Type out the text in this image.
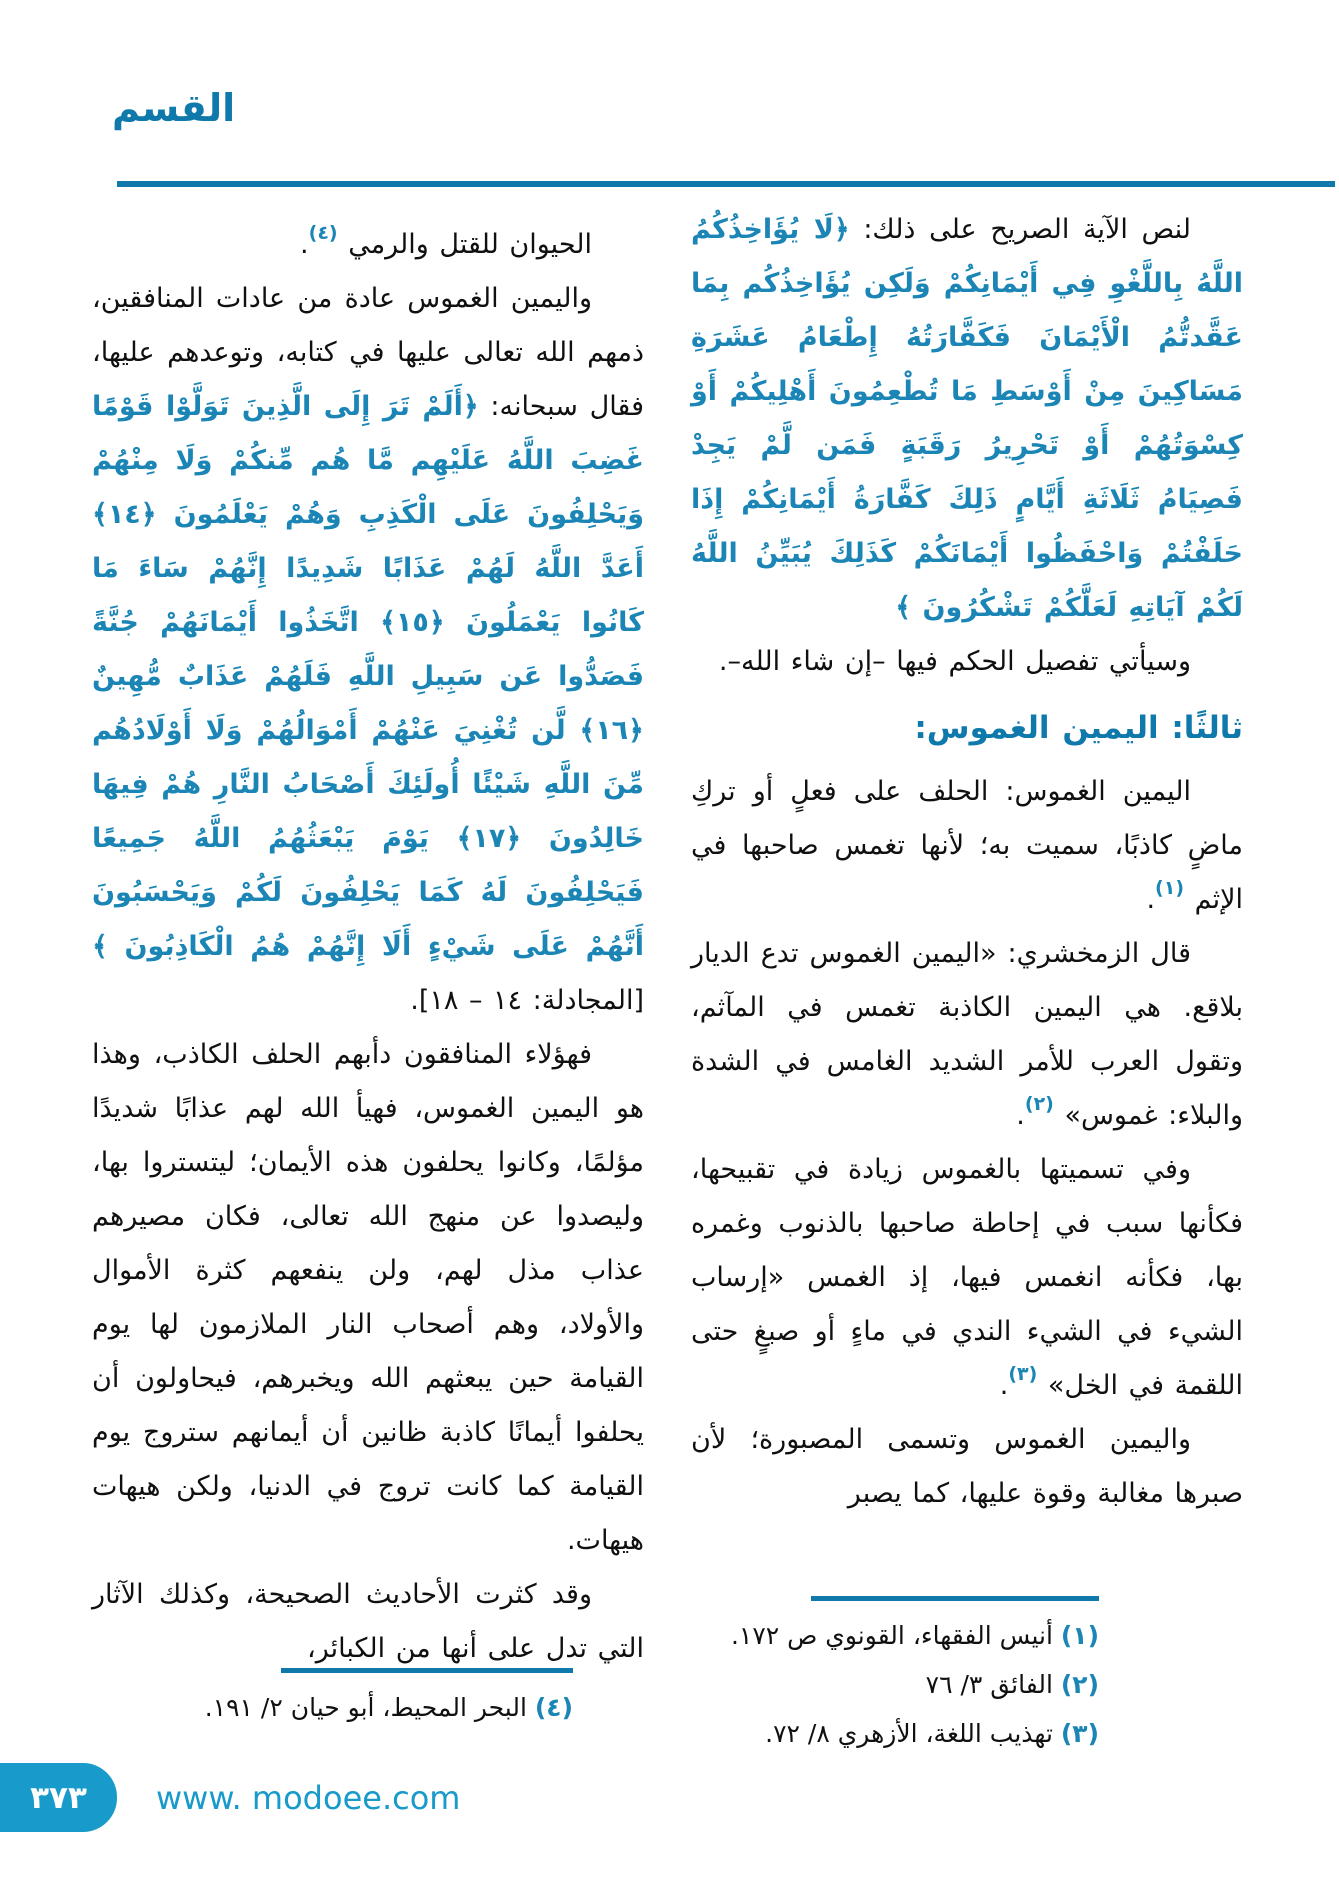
القسم

لنص الآية الصريح على ذلك: ﴿لَا يُؤَاخِذُكُمُ اللَّهُ بِاللَّغْوِ فِي أَيْمَانِكُمْ وَلَكِن يُؤَاخِذُكُم بِمَا عَقَّدتُّمُ الْأَيْمَانَ فَكَفَّارَتُهُ إِطْعَامُ عَشَرَةِ مَسَاكِينَ مِنْ أَوْسَطِ مَا تُطْعِمُونَ أَهْلِيكُمْ أَوْ كِسْوَتُهُمْ أَوْ تَحْرِيرُ رَقَبَةٍ فَمَن لَّمْ يَجِدْ فَصِيَامُ ثَلَاثَةِ أَيَّامٍ ذَلِكَ كَفَّارَةُ أَيْمَانِكُمْ إِذَا حَلَفْتُمْ وَاحْفَظُوا أَيْمَانَكُمْ كَذَلِكَ يُبَيِّنُ اللَّهُ لَكُمْ آيَاتِهِ لَعَلَّكُمْ تَشْكُرُونَ ﴾

وسيأتي تفصيل الحكم فيها –إن شاء الله–.

ثالثًا: اليمين الغموس:

اليمين الغموس: الحلف على فعلٍ أو تركِ ماضٍ كاذبًا، سميت به؛ لأنها تغمس صاحبها في الإثم $^{(١)}$.

قال الزمخشري: «اليمين الغموس تدع الديار بلاقع. هي اليمين الكاذبة تغمس في المآثم، وتقول العرب للأمر الشديد الغامس في الشدة والبلاء: غموس» $^{(٢)}$.

وفي تسميتها بالغموس زيادة في تقبيحها، فكأنها سبب في إحاطة صاحبها بالذنوب وغمره بها، فكأنه انغمس فيها، إذ الغمس «إرساب الشيء في الشيء الندي في ماءٍ أو صبغٍ حتى اللقمة في الخل» $^{(٣)}$.

واليمين الغموس وتسمى المصبورة؛ لأن صبرها مغالبة وقوة عليها، كما يصبر

الحيوان للقتل والرمي $^{(٤)}$.

واليمين الغموس عادة من عادات المنافقين، ذمهم الله تعالى عليها في كتابه، وتوعدهم عليها، فقال سبحانه: ﴿أَلَمْ تَرَ إِلَى الَّذِينَ تَوَلَّوْا قَوْمًا غَضِبَ اللَّهُ عَلَيْهِم مَّا هُم مِّنكُمْ وَلَا مِنْهُمْ وَيَحْلِفُونَ عَلَى الْكَذِبِ وَهُمْ يَعْلَمُونَ ﴿١٤﴾ أَعَدَّ اللَّهُ لَهُمْ عَذَابًا شَدِيدًا إِنَّهُمْ سَاءَ مَا كَانُوا يَعْمَلُونَ ﴿١٥﴾ اتَّخَذُوا أَيْمَانَهُمْ جُنَّةً فَصَدُّوا عَن سَبِيلِ اللَّهِ فَلَهُمْ عَذَابٌ مُّهِينٌ ﴿١٦﴾ لَّن تُغْنِيَ عَنْهُمْ أَمْوَالُهُمْ وَلَا أَوْلَادُهُم مِّنَ اللَّهِ شَيْئًا أُولَئِكَ أَصْحَابُ النَّارِ هُمْ فِيهَا خَالِدُونَ ﴿١٧﴾ يَوْمَ يَبْعَثُهُمُ اللَّهُ جَمِيعًا فَيَحْلِفُونَ لَهُ كَمَا يَحْلِفُونَ لَكُمْ وَيَحْسَبُونَ أَنَّهُمْ عَلَى شَيْءٍ أَلَا إِنَّهُمْ هُمُ الْكَاذِبُونَ ﴾ [المجادلة: ١٤ – ١٨].

فهؤلاء المنافقون دأبهم الحلف الكاذب، وهذا هو اليمين الغموس، فهيأ الله لهم عذابًا شديدًا مؤلمًا، وكانوا يحلفون هذه الأيمان؛ ليتستروا بها، وليصدوا عن منهج الله تعالى، فكان مصيرهم عذاب مذل لهم، ولن ينفعهم كثرة الأموال والأولاد، وهم أصحاب النار الملازمون لها يوم القيامة حين يبعثهم الله ويخبرهم، فيحاولون أن يحلفوا أيمانًا كاذبة ظانين أن أيمانهم ستروج يوم القيامة كما كانت تروج في الدنيا، ولكن هيهات هيهات.

وقد كثرت الأحاديث الصحيحة، وكذلك الآثار التي تدل على أنها من الكبائر،	(١) أنيس الفقهاء، القونوي ص ١٧٢.
(٢) الفائق ٣/ ٧٦
(٣) تهذيب اللغة، الأزهري ٨/ ٧٢.
(٤) البحر المحيط، أبو حيان ٢/ ١٩١.
٣٧٣ www. modoee.com
